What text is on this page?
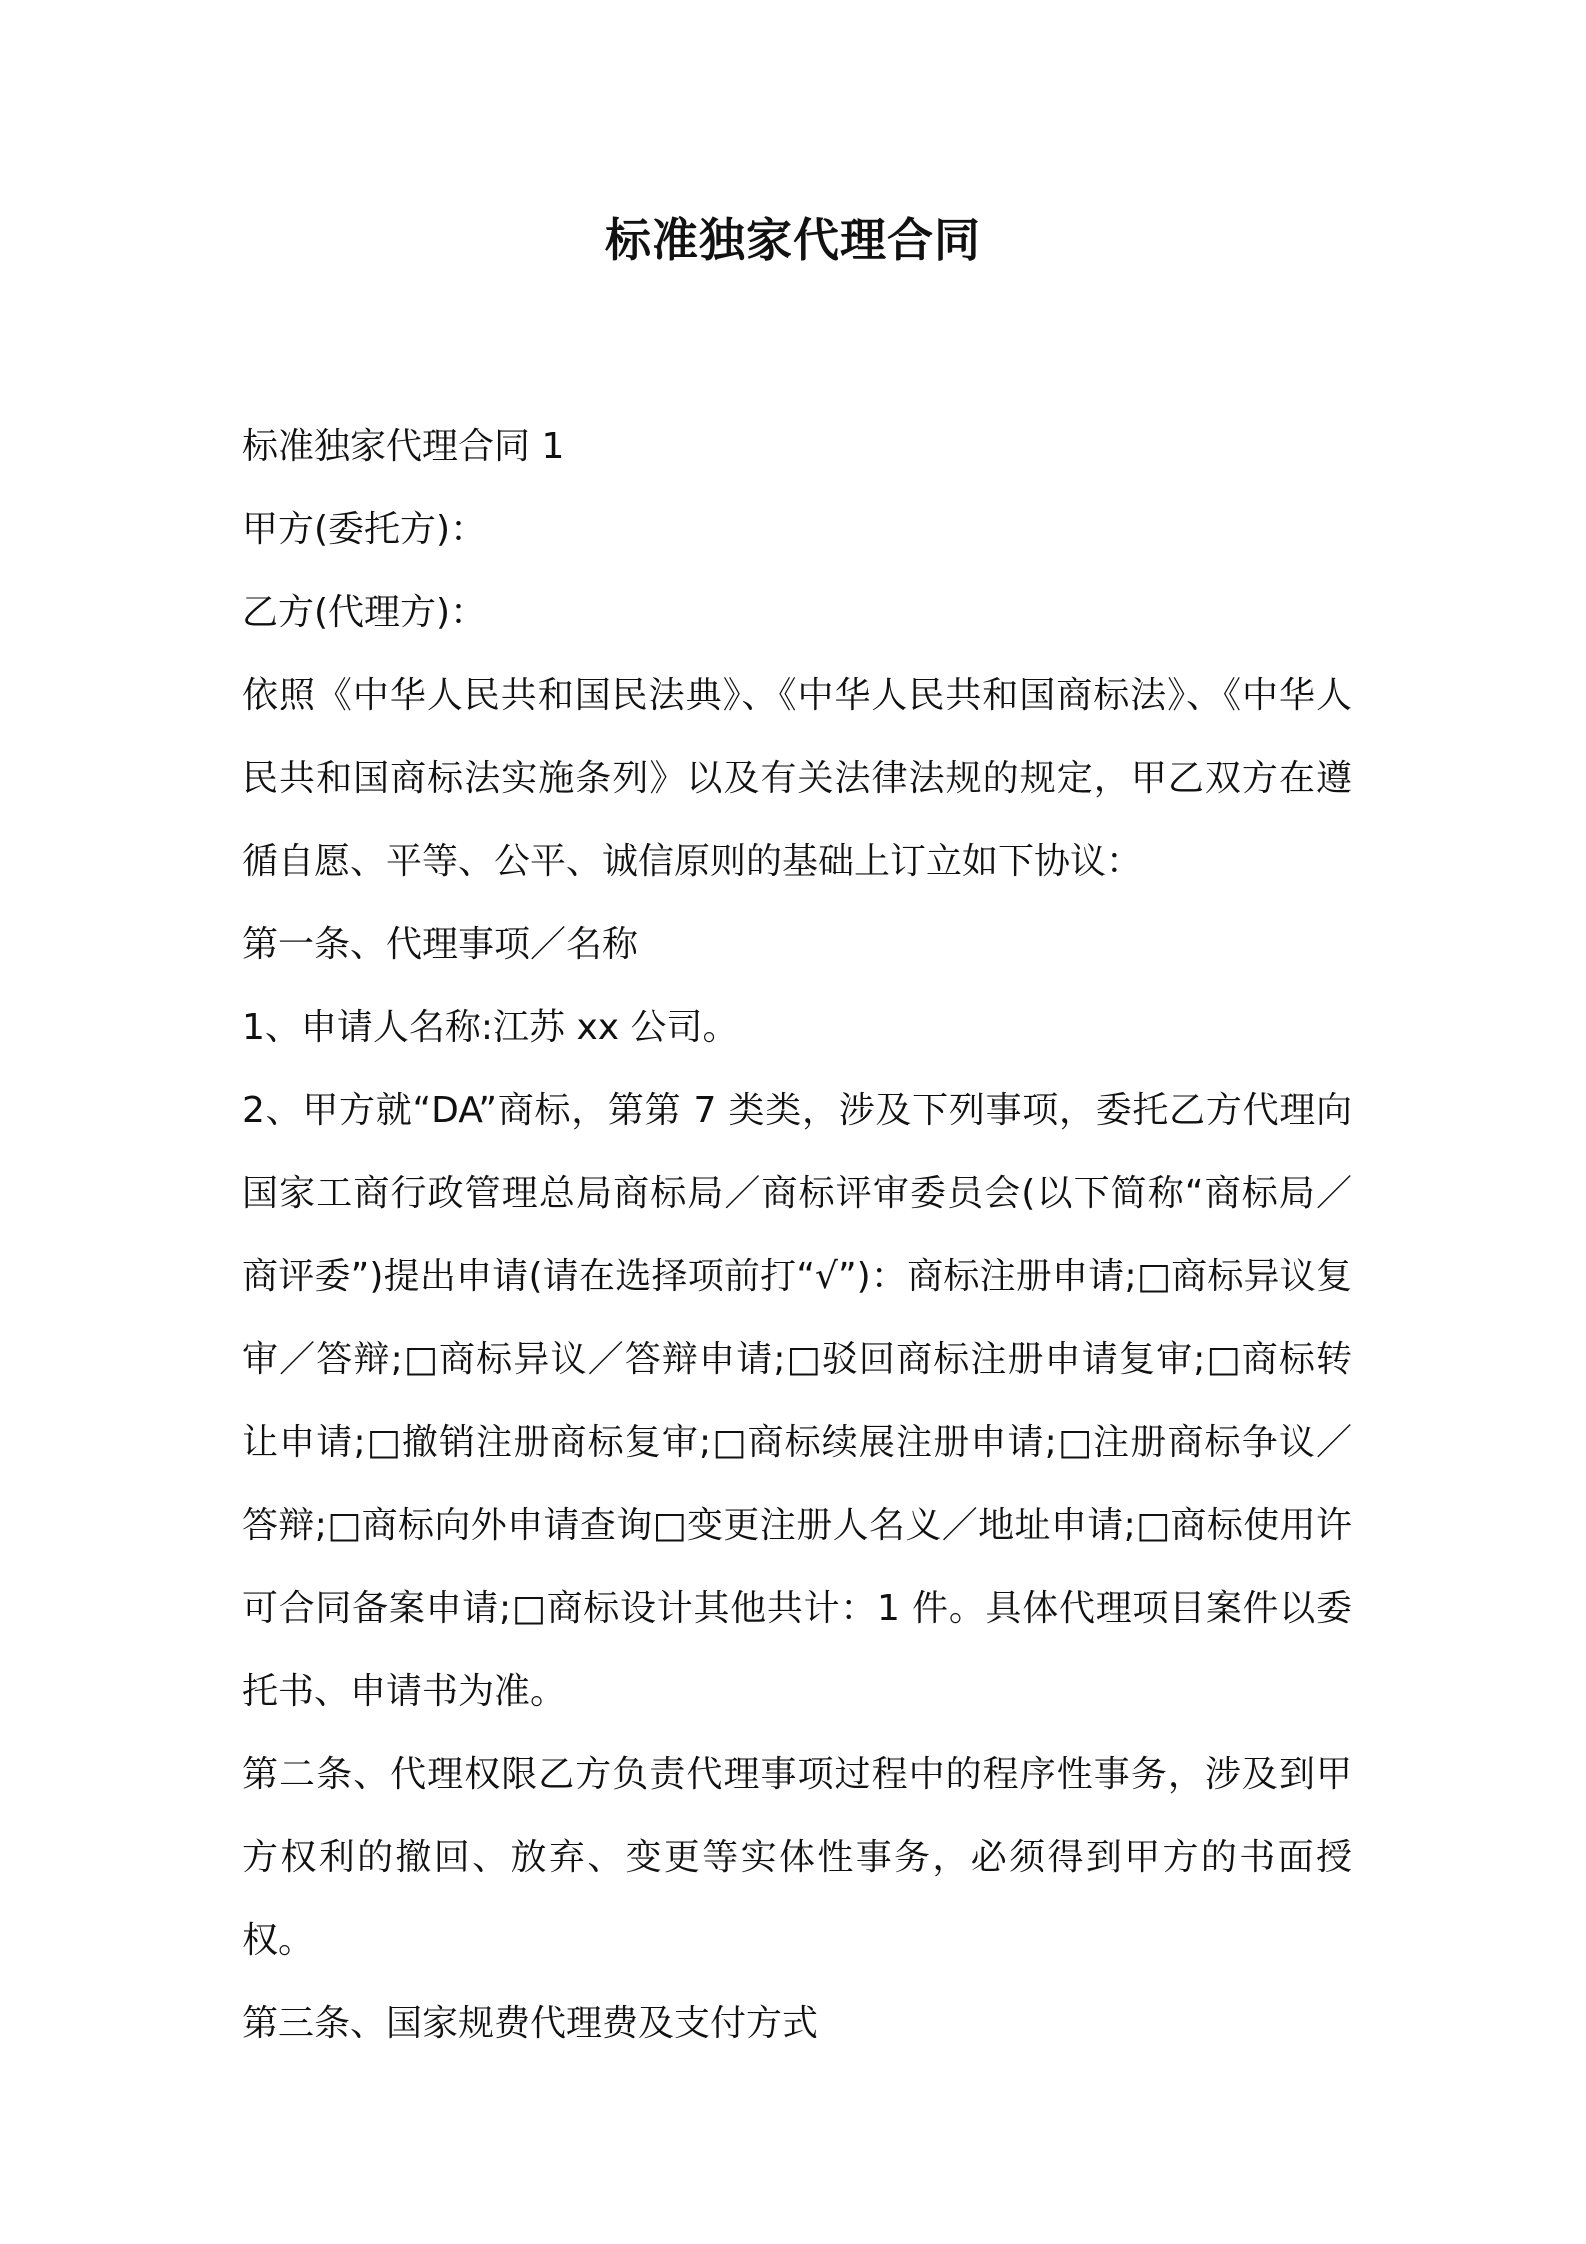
标准独家代理合同

标准独家代理合同 1

甲方(委托方)：

乙方(代理方)：

依照《中华人民共和国民法典》、《中华人民共和国商标法》、《中华人民共和国商标法实施条列》以及有关法律法规的规定，甲乙双方在遵循自愿、平等、公平、诚信原则的基础上订立如下协议：

第一条、代理事项／名称

1、申请人名称:江苏 xx 公司。

2、甲方就“DA”商标，第第 7 类类，涉及下列事项，委托乙方代理向国家工商行政管理总局商标局／商标评审委员会(以下简称“商标局／商评委”)提出申请(请在选择项前打“√”)：商标注册申请;□商标异议复审／答辩;□商标异议／答辩申请;□驳回商标注册申请复审;□商标转让申请;□撤销注册商标复审;□商标续展注册申请;□注册商标争议／答辩;□商标向外申请查询□变更注册人名义／地址申请;□商标使用许可合同备案申请;□商标设计其他共计：1 件。具体代理项目案件以委托书、申请书为准。

第二条、代理权限乙方负责代理事项过程中的程序性事务，涉及到甲方权利的撤回、放弃、变更等实体性事务，必须得到甲方的书面授权。

第三条、国家规费代理费及支付方式
